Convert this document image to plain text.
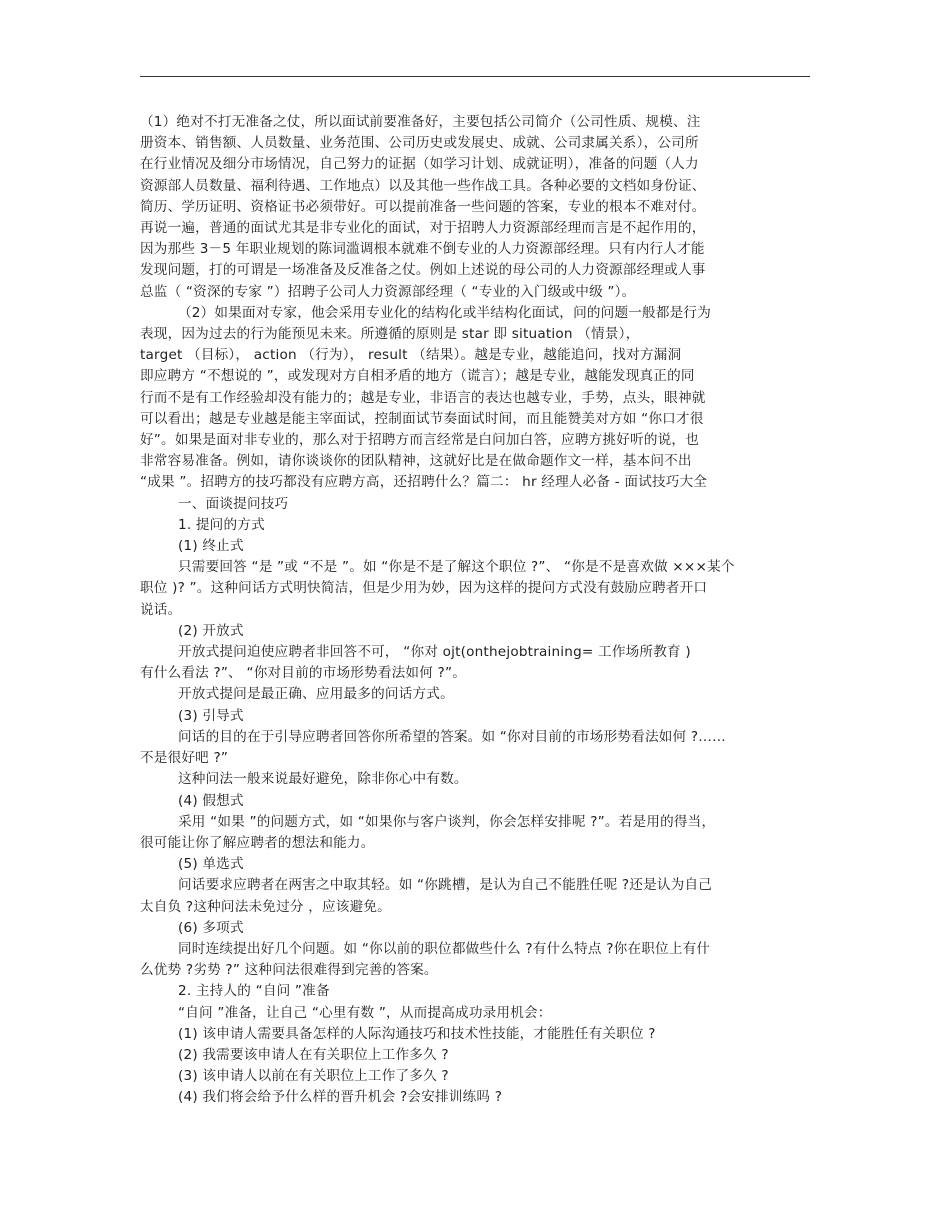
（1）绝对不打无准备之仗，所以面试前要准备好，主要包括公司简介（公司性质、规模、注
册资本、销售额、人员数量、业务范围、公司历史或发展史、成就、公司隶属关系），公司所
在行业情况及细分市场情况，自己努力的证据（如学习计划、成就证明），准备的问题（人力
资源部人员数量、福利待遇、工作地点）以及其他一些作战工具。各种必要的文档如身份证、
简历、学历证明、资格证书必须带好。可以提前准备一些问题的答案，专业的根本不难对付。
再说一遍，普通的面试尤其是非专业化的面试，对于招聘人力资源部经理而言是不起作用的，
因为那些 3－5 年职业规划的陈词滥调根本就难不倒专业的人力资源部经理。只有内行人才能
发现问题，打的可谓是一场准备及反准备之仗。例如上述说的母公司的人力资源部经理或人事
总监（ “资深的专家 ”）招聘子公司人力资源部经理（ “专业的入门级或中级 ”）。
（2）如果面对专家，他会采用专业化的结构化或半结构化面试，问的问题一般都是行为
表现，因为过去的行为能预见未来。所遵循的原则是 star 即 situation （情景），
target （目标）， action （行为）， result （结果）。越是专业，越能追问，找对方漏洞
即应聘方 “不想说的 ”，或发现对方自相矛盾的地方（谎言）；越是专业，越能发现真正的同
行而不是有工作经验却没有能力的；越是专业，非语言的表达也越专业，手势，点头，眼神就
可以看出；越是专业越是能主宰面试，控制面试节奏面试时间，而且能赞美对方如 “你口才很
好”。如果是面对非专业的，那么对于招聘方而言经常是白问加白答，应聘方挑好听的说，也
非常容易准备。例如，请你谈谈你的团队精神，这就好比是在做命题作文一样，基本问不出
“成果 ”。招聘方的技巧都没有应聘方高，还招聘什么？篇二： hr 经理人必备 - 面试技巧大全
一、面谈提问技巧
1. 提问的方式
(1) 终止式
只需要回答 “是 ”或 “不是 ”。如 “你是不是了解这个职位 ?”、 “你是不是喜欢做 ×××某个
职位 )? ”。这种问话方式明快简洁，但是少用为妙，因为这样的提问方式没有鼓励应聘者开口
说话。
(2) 开放式
开放式提问迫使应聘者非回答不可， “你对 ojt(onthejobtraining= 工作场所教育 )
有什么看法 ?”、 “你对目前的市场形势看法如何 ?”。
开放式提问是最正确、应用最多的问话方式。
(3) 引导式
问话的目的在于引导应聘者回答你所希望的答案。如 “你对目前的市场形势看法如何 ?……
不是很好吧 ?”
这种问法一般来说最好避免，除非你心中有数。
(4) 假想式
采用 “如果 ”的问题方式，如 “如果你与客户谈判，你会怎样安排呢 ?”。若是用的得当，
很可能让你了解应聘者的想法和能力。
(5) 单选式
问话要求应聘者在两害之中取其轻。如 “你跳槽，是认为自己不能胜任呢 ?还是认为自己
太自负 ?这种问法未免过分 ，应该避免。
(6) 多项式
同时连续提出好几个问题。如 “你以前的职位都做些什么 ?有什么特点 ?你在职位上有什
么优势 ?劣势 ?” 这种问法很难得到完善的答案。
2. 主持人的 “自问 ”准备
“自问 ”准备，让自己 “心里有数 ”，从而提高成功录用机会：
(1) 该申请人需要具备怎样的人际沟通技巧和技术性技能，才能胜任有关职位 ?
(2) 我需要该申请人在有关职位上工作多久 ?
(3) 该申请人以前在有关职位上工作了多久 ?
(4) 我们将会给予什么样的晋升机会 ?会安排训练吗 ?
